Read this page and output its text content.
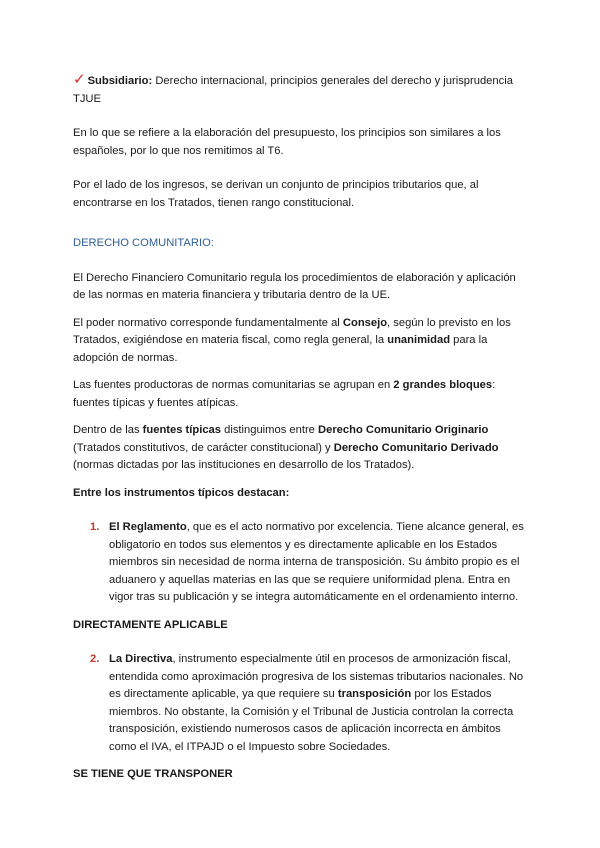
✓ Subsidiario: Derecho internacional, principios generales del derecho y jurisprudencia TJUE

En lo que se refiere a la elaboración del presupuesto, los principios son similares a los españoles, por lo que nos remitimos al T6.

Por el lado de los ingresos, se derivan un conjunto de principios tributarios que, al encontrarse en los Tratados, tienen rango constitucional.

DERECHO COMUNITARIO:

El Derecho Financiero Comunitario regula los procedimientos de elaboración y aplicación de las normas en materia financiera y tributaria dentro de la UE.

El poder normativo corresponde fundamentalmente al Consejo, según lo previsto en los Tratados, exigiéndose en materia fiscal, como regla general, la unanimidad para la adopción de normas.

Las fuentes productoras de normas comunitarias se agrupan en 2 grandes bloques: fuentes típicas y fuentes atípicas.

Dentro de las fuentes típicas distinguimos entre Derecho Comunitario Originario (Tratados constitutivos, de carácter constitucional) y Derecho Comunitario Derivado (normas dictadas por las instituciones en desarrollo de los Tratados).

Entre los instrumentos típicos destacan:

1. El Reglamento, que es el acto normativo por excelencia. Tiene alcance general, es obligatorio en todos sus elementos y es directamente aplicable en los Estados miembros sin necesidad de norma interna de transposición. Su ámbito propio es el aduanero y aquellas materias en las que se requiere uniformidad plena. Entra en vigor tras su publicación y se integra automáticamente en el ordenamiento interno.

DIRECTAMENTE APLICABLE

2. La Directiva, instrumento especialmente útil en procesos de armonización fiscal, entendida como aproximación progresiva de los sistemas tributarios nacionales. No es directamente aplicable, ya que requiere su transposición por los Estados miembros. No obstante, la Comisión y el Tribunal de Justicia controlan la correcta transposición, existiendo numerosos casos de aplicación incorrecta en ámbitos como el IVA, el ITPAJD o el Impuesto sobre Sociedades.

SE TIENE QUE TRANSPONER
